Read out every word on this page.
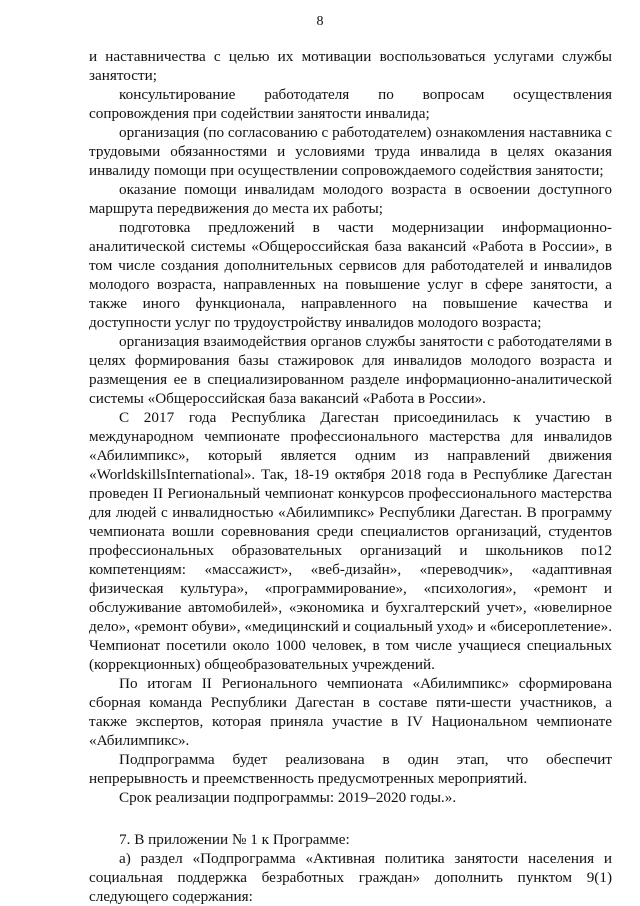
8

и наставничества с целью их мотивации воспользоваться услугами службы занятости;

консультирование работодателя по вопросам осуществления сопровождения при содействии занятости инвалида;

организация (по согласованию с работодателем) ознакомления наставника с трудовыми обязанностями и условиями труда инвалида в целях оказания инвалиду помощи при осуществлении сопровождаемого содействия занятости;

оказание помощи инвалидам молодого возраста в освоении доступного маршрута передвижения до места их работы;

подготовка предложений в части модернизации информационно-аналитической системы «Общероссийская база вакансий «Работа в России», в том числе создания дополнительных сервисов для работодателей и инвалидов молодого возраста, направленных на повышение услуг в сфере занятости, а также иного функционала, направленного на повышение качества и доступности услуг по трудоустройству инвалидов молодого возраста;

организация взаимодействия органов службы занятости с работодателями в целях формирования базы стажировок для инвалидов молодого возраста и размещения ее в специализированном разделе информационно-аналитической системы «Общероссийская база вакансий «Работа в России».

С 2017 года Республика Дагестан присоединилась к участию в международном чемпионате профессионального мастерства для инвалидов «Абилимпикс», который является одним из направлений движения «WorldskillsInternational». Так, 18-19 октября 2018 года в Республике Дагестан проведен II Региональный чемпионат конкурсов профессионального мастерства для людей с инвалидностью «Абилимпикс» Республики Дагестан. В программу чемпионата вошли соревнования среди специалистов организаций, студентов профессиональных образовательных организаций и школьников по12 компетенциям: «массажист», «веб-дизайн», «переводчик», «адаптивная физическая культура», «программирование», «психология», «ремонт и обслуживание автомобилей», «экономика и бухгалтерский учет», «ювелирное дело», «ремонт обуви», «медицинский и социальный уход» и «бисероплетение». Чемпионат посетили около 1000 человек, в том числе учащиеся специальных (коррекционных) общеобразовательных учреждений.

По итогам II Регионального чемпионата «Абилимпикс» сформирована сборная команда Республики Дагестан в составе пяти-шести участников, а также экспертов, которая приняла участие в IV Национальном чемпионате «Абилимпикс».

Подпрограмма будет реализована в один этап, что обеспечит непрерывность и преемственность предусмотренных мероприятий.

Срок реализации подпрограммы: 2019–2020 годы.».

7. В приложении № 1 к Программе:

а) раздел «Подпрограмма «Активная политика занятости населения и социальная поддержка безработных граждан» дополнить пунктом 9(1) следующего содержания:
